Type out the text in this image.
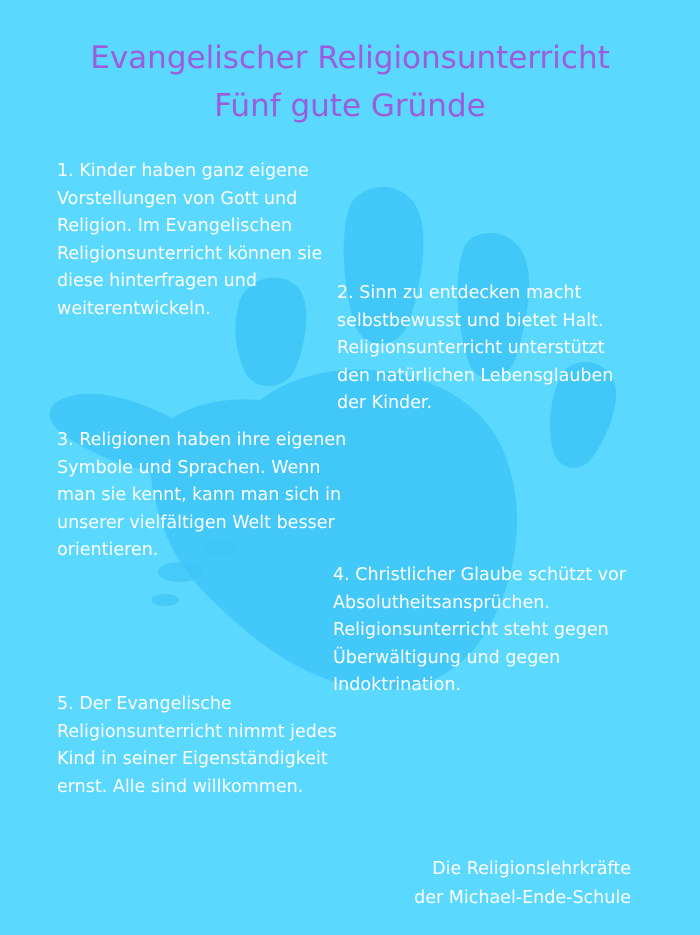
Evangelischer Religionsunterricht
Fünf gute Gründe
1. Kinder haben ganz eigene
Vorstellungen von Gott und
Religion. Im Evangelischen
Religionsunterricht können sie
diese hinterfragen und
weiterentwickeln.
2. Sinn zu entdecken macht
selbstbewusst und bietet Halt.
Religionsunterricht unterstützt
den natürlichen Lebensglauben
der Kinder.
3. Religionen haben ihre eigenen
Symbole und Sprachen. Wenn
man sie kennt, kann man sich in
unserer vielfältigen Welt besser
orientieren.
4. Christlicher Glaube schützt vor
Absolutheitsansprüchen.
Religionsunterricht steht gegen
Überwältigung und gegen
Indoktrination.
5. Der Evangelische
Religionsunterricht nimmt jedes
Kind in seiner Eigenständigkeit
ernst. Alle sind willkommen.
Die Religionslehrkräfte
der Michael-Ende-Schule
